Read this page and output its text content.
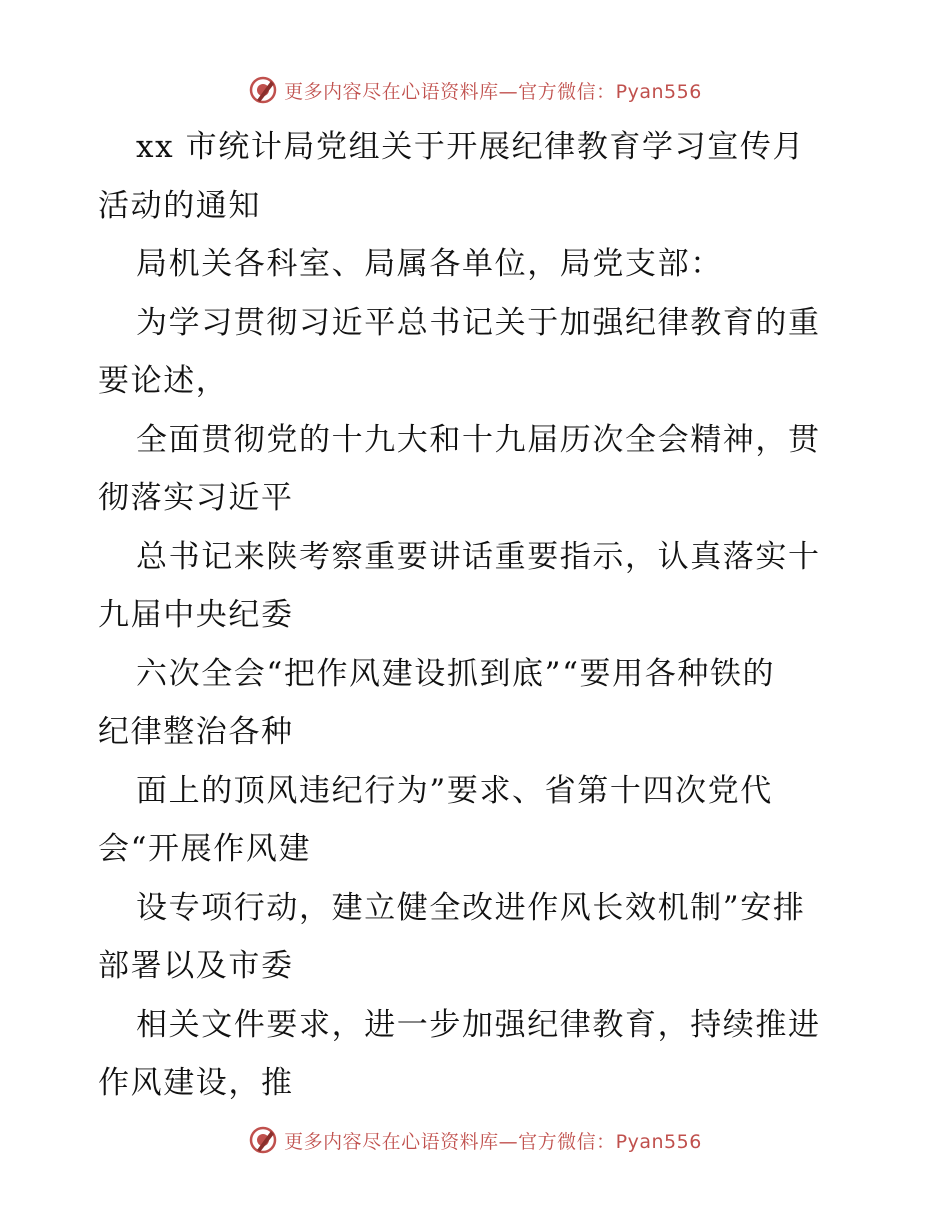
更多内容尽在心语资料库—官方微信：Pyan556
xx 市统计局党组关于开展纪律教育学习宣传月
活动的通知
局机关各科室、局属各单位，局党支部：
为学习贯彻习近平总书记关于加强纪律教育的重
要论述，
全面贯彻党的十九大和十九届历次全会精神，贯
彻落实习近平
总书记来陕考察重要讲话重要指示，认真落实十
九届中央纪委
六次全会“把作风建设抓到底”“要用各种铁的
纪律整治各种
面上的顶风违纪行为”要求、省第十四次党代
会“开展作风建
设专项行动，建立健全改进作风长效机制”安排
部署以及市委
相关文件要求，进一步加强纪律教育，持续推进
作风建设，推
更多内容尽在心语资料库—官方微信：Pyan556
